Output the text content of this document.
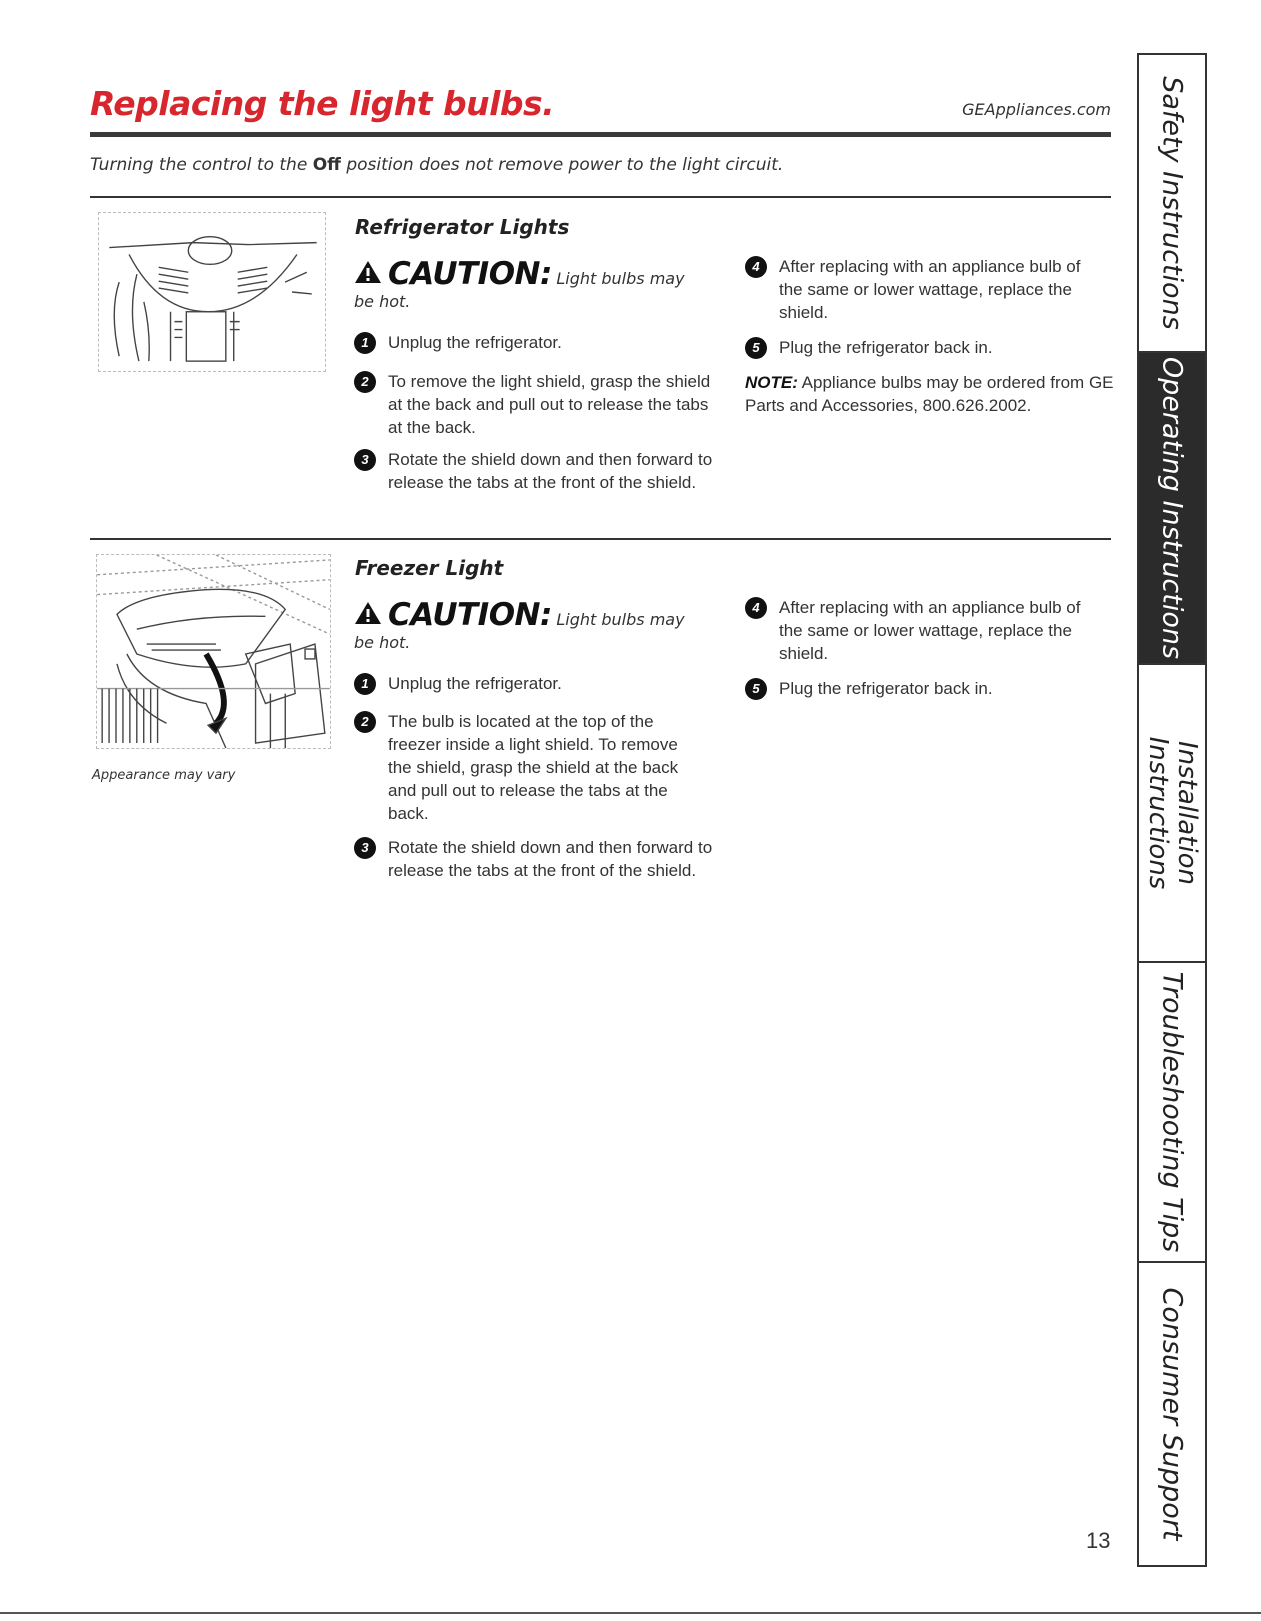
Replacing the light bulbs.	GEAppliances.com
Turning the control to the Off position does not remove power to the light circuit.
Refrigerator Lights
CAUTION: Light bulbs may be hot.
1	Unplug the refrigerator.
2	To remove the light shield, grasp the shield at the back and pull out to release the tabs at the back.
3	Rotate the shield down and then forward to release the tabs at the front of the shield.
4	After replacing with an appliance bulb of the same or lower wattage, replace the shield.
5	Plug the refrigerator back in.
NOTE: Appliance bulbs may be ordered from GE Parts and Accessories, 800.626.2002.
Appearance may vary
Freezer Light
CAUTION: Light bulbs may be hot.
1	Unplug the refrigerator.
2	The bulb is located at the top of the freezer inside a light shield. To remove the shield, grasp the shield at the back and pull out to release the tabs at the back.
3	Rotate the shield down and then forward to release the tabs at the front of the shield.
4	After replacing with an appliance bulb of the same or lower wattage, replace the shield.
5	Plug the refrigerator back in.
Safety Instructions
Operating Instructions
Installation Instructions
Troubleshooting Tips
Consumer Support
13
